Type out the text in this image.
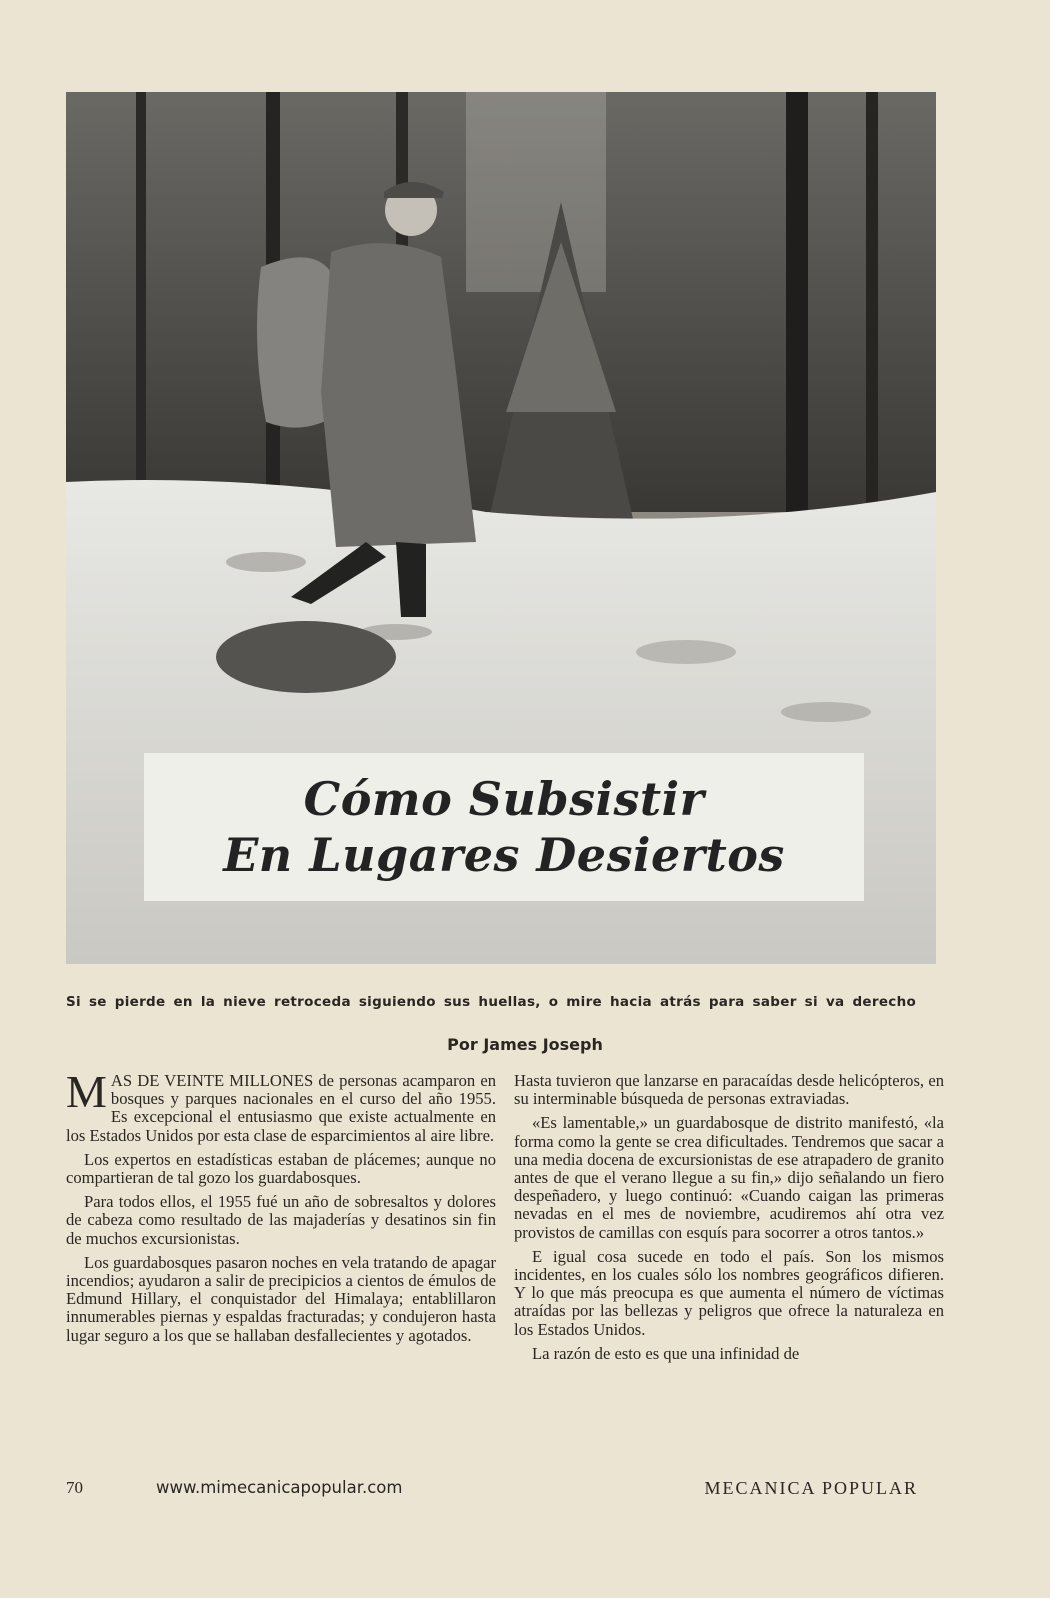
Cómo Subsistir
En Lugares Desiertos
Si se pierde en la nieve retroceda siguiendo sus huellas, o mire hacia atrás para saber si va derecho
Por James Joseph

MAS DE VEINTE MILLONES de personas acamparon en bosques y parques nacionales en el curso del año 1955. Es excepcional el entusiasmo que existe actualmente en los Estados Unidos por esta clase de esparcimientos al aire libre.

Los expertos en estadísticas estaban de plácemes; aunque no compartieran de tal gozo los guardabosques.

Para todos ellos, el 1955 fué un año de sobresaltos y dolores de cabeza como resultado de las majaderías y desatinos sin fin de muchos excursionistas.

Los guardabosques pasaron noches en vela tratando de apagar incendios; ayudaron a salir de precipicios a cientos de émulos de Edmund Hillary, el conquistador del Himalaya; entablillaron innumerables piernas y espaldas fracturadas; y condujeron hasta lugar seguro a los que se hallaban desfallecientes y agotados.

Hasta tuvieron que lanzarse en paracaídas desde helicópteros, en su interminable búsqueda de personas extraviadas.

«Es lamentable,» un guardabosque de distrito manifestó, «la forma como la gente se crea dificultades. Tendremos que sacar a una media docena de excursionistas de ese atrapadero de granito antes de que el verano llegue a su fin,» dijo señalando un fiero despeñadero, y luego continuó: «Cuando caigan las primeras nevadas en el mes de noviembre, acudiremos ahí otra vez provistos de camillas con esquís para socorrer a otros tantos.»

E igual cosa sucede en todo el país. Son los mismos incidentes, en los cuales sólo los nombres geográficos difieren. Y lo que más preocupa es que aumenta el número de víctimas atraídas por las bellezas y peligros que ofrece la naturaleza en los Estados Unidos.

La razón de esto es que una infinidad de

70	www.mimecanicapopular.com	MECANICA POPULAR
